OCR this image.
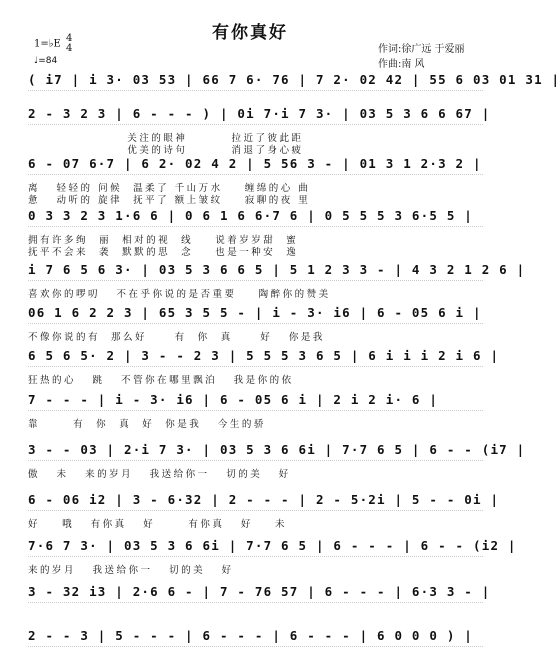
有你真好
1=♭E 4
4
♩=84
作词:徐广远 于爱丽
作曲:南 风
( i7 | i 3· 03 53 | 66 7 6· 76 | 7 2· 02 42 | 55 6 03 01 31 |
2 - 3 2 3 | 6 - - - ) | 0i 7·i 7 3· | 03 5 3 6 6 67 |
关注的眼神        拉近了彼此距
优美的诗句        消退了身心疲
6 - 07 6·7 | 6 2· 02 4 2 | 5 56 3 - | 01 3 1 2·3 2 |
离   轻轻的 问候  温柔了 千山万水    缠绵的心 曲
惫   动听的 旋律  抚平了 额上皱纹    寂聊的夜 里
0 3 3 2 3 1·6 6 | 0 6 1 6 6·7 6 | 0 5 5 5 3 6·5 5 |
拥有许多绚  丽  相对的视  线    说着岁岁甜  蜜
抚平不会来  袭  默默的思  念    也是一种安  逸
i 7 6 5 6 3· | 03 5 3 6 6 5 | 5 1 2 3 3 - | 4 3 2 1 2 6 |
喜欢你的啰叨   不在乎你说的是否重要    陶醉你的赞美
06 1 6 2 2 3 | 65 3 5 5 - | i - 3· i6 | 6 - 05 6 i |
不像你说的有  那么好     有  你  真     好   你是我
6 5 6 5· 2 | 3 - - 2 3 | 5 5 5 3 6 5 | 6 i i i 2 i 6 |
狂热的心   跳   不管你在哪里飘泊   我是你的依
7 - - - | i - 3· i6 | 6 - 05 6 i | 2 i 2 i· 6 |
靠      有  你  真  好  你是我   今生的骄
3 - - 03 | 2·i 7 3· | 03 5 3 6 6i | 7·7 6 5 | 6 - - (i7 |
傲   未   来的岁月   我送给你一   切的美   好
6 - 06 i2 | 3 - 6·32 | 2 - - - | 2 - 5·2i | 5 - - 0i |
好    哦   有你真   好      有你真   好    未
7·6 7 3· | 03 5 3 6 6i | 7·7 6 5 | 6 - - - | 6 - - (i2 |
来的岁月   我送给你一   切的美   好
3 - 32 i3 | 2·6 6 - | 7 - 76 57 | 6 - - - | 6·3 3 - |
2 - - 3 | 5 - - - | 6 - - - | 6 - - - | 6 0 0 0 ) |
